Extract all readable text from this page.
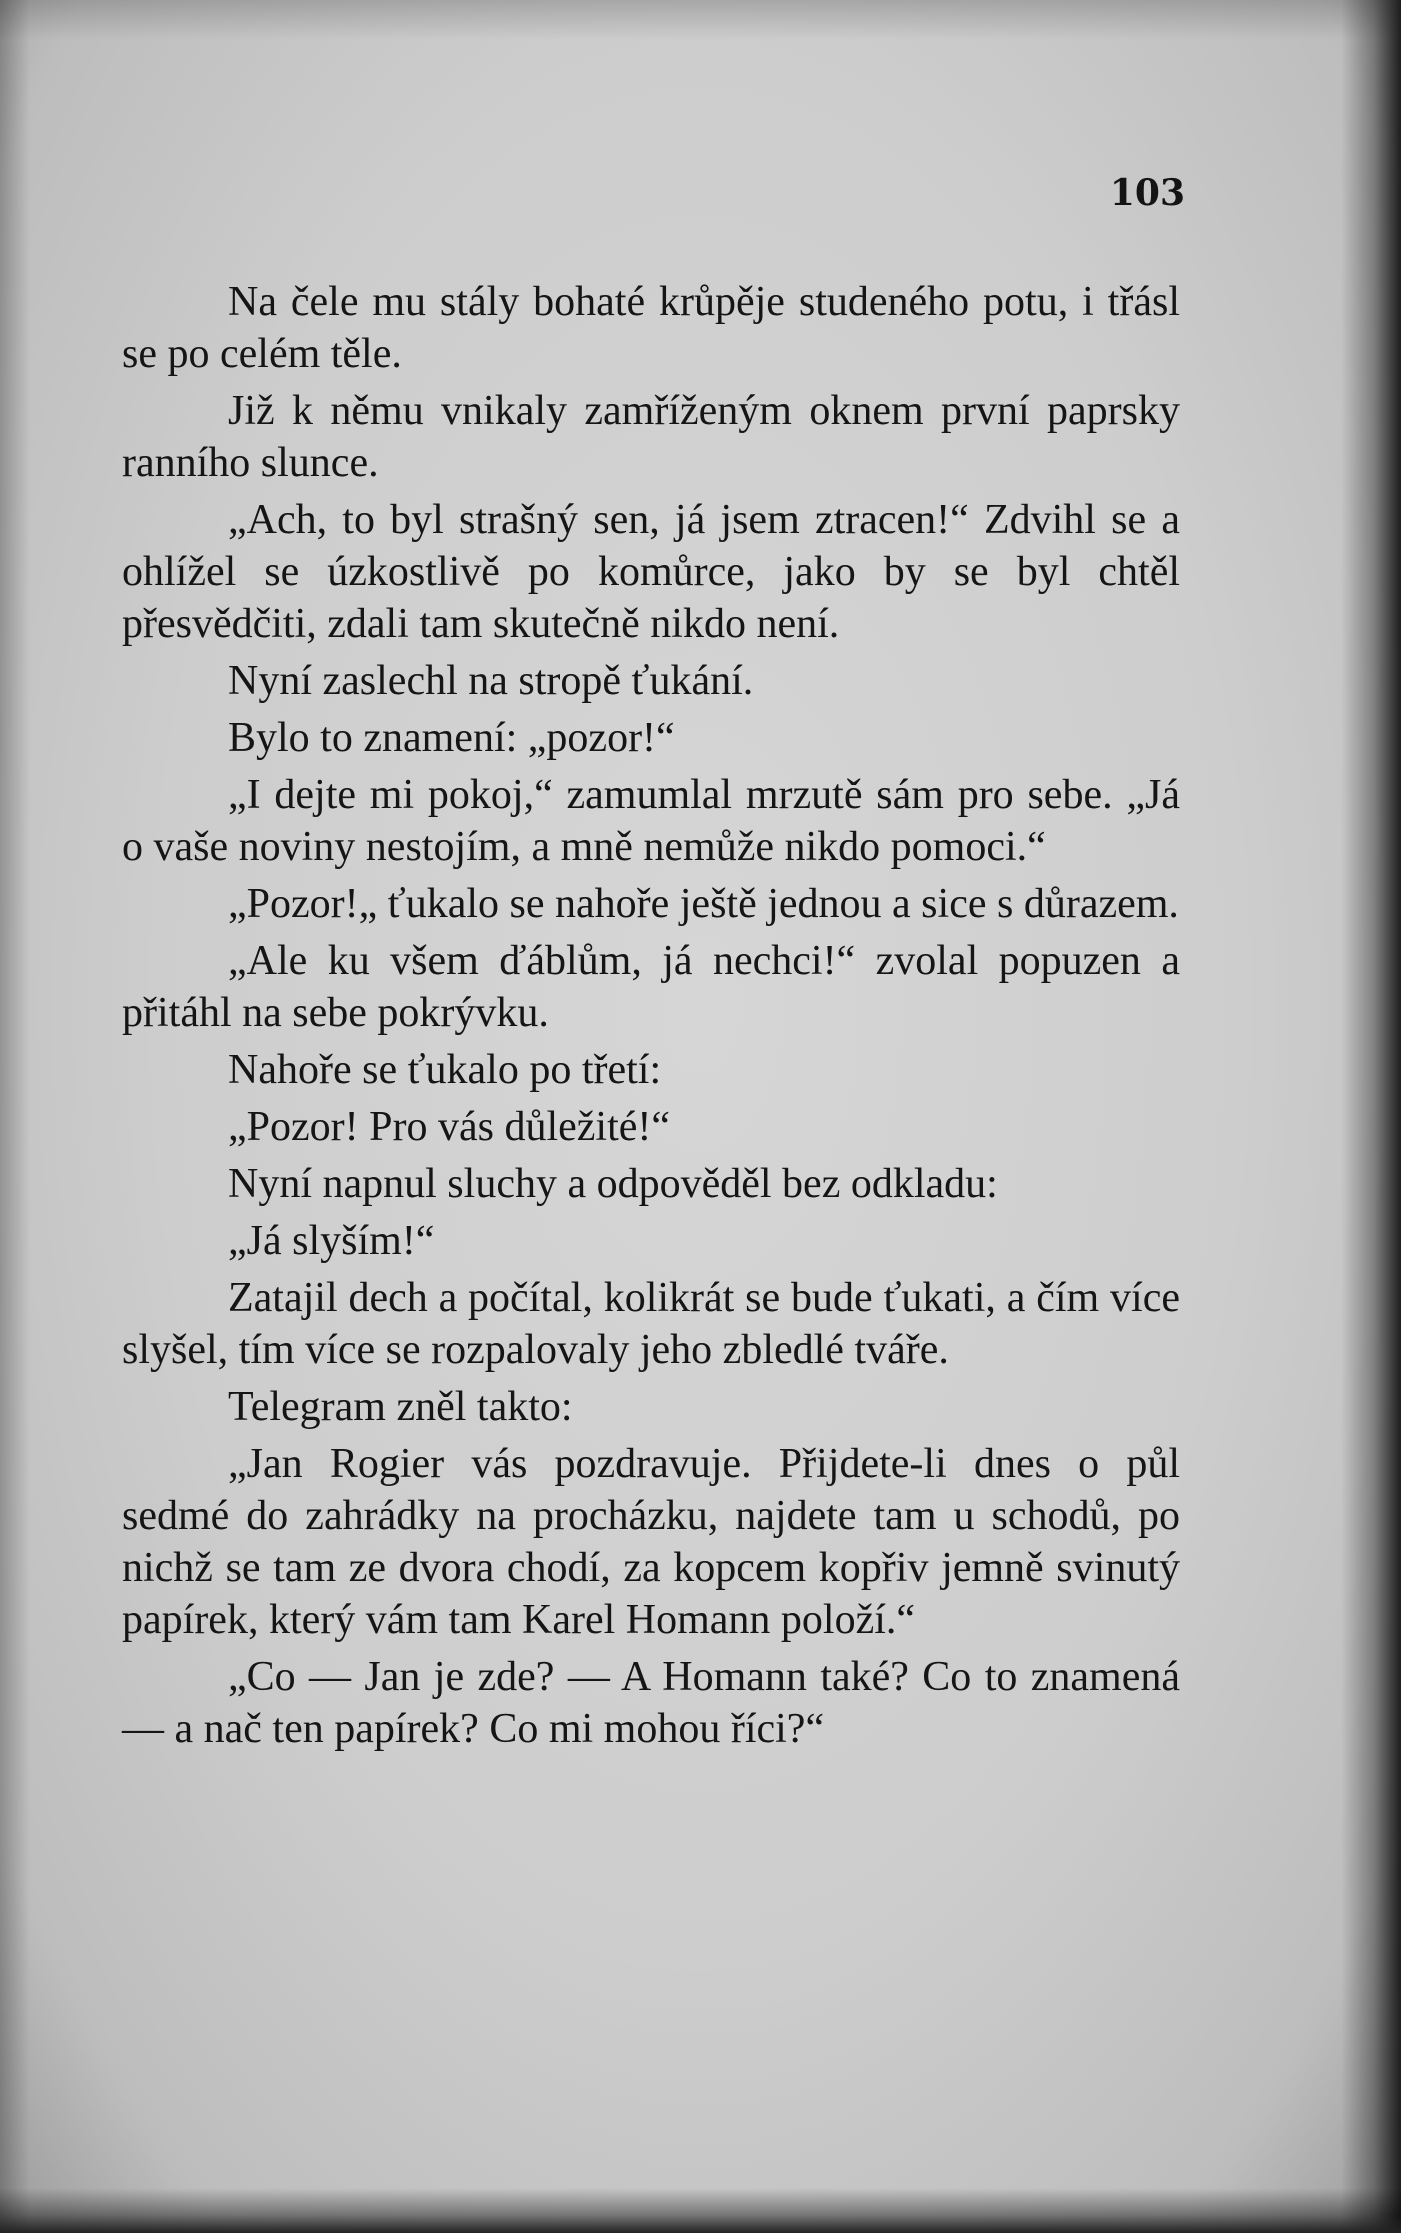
103

Na čele mu stály bohaté krůpěje studeného potu, i třásl se po celém těle.

Již k němu vnikaly zamříženým oknem první paprsky ranního slunce.

„Ach, to byl strašný sen, já jsem ztracen!“ Zdvihl se a ohlížel se úzkostlivě po komůrce, jako by se byl chtěl přesvědčiti, zdali tam skutečně nikdo není.

Nyní zaslechl na stropě ťukání.

Bylo to znamení: „pozor!“

„I dejte mi pokoj,“ zamumlal mrzutě sám pro sebe. „Já o vaše noviny nestojím, a mně nemůže nikdo pomoci.“

„Pozor!„ ťukalo se nahoře ještě jednou a sice s důrazem.

„Ale ku všem ďáblům, já nechci!“ zvolal popuzen a přitáhl na sebe pokrývku.

Nahoře se ťukalo po třetí:

„Pozor! Pro vás důležité!“

Nyní napnul sluchy a odpověděl bez odkladu:

„Já slyším!“

Zatajil dech a počítal, kolikrát se bude ťukati, a čím více slyšel, tím více se rozpalovaly jeho zbledlé tváře.

Telegram zněl takto:

„Jan Rogier vás pozdravuje. Přijdete-li dnes o půl sedmé do zahrádky na procházku, najdete tam u schodů, po nichž se tam ze dvora chodí, za kopcem kopřiv jemně svinutý papírek, který vám tam Karel Homann položí.“

„Co — Jan je zde? — A Homann také? Co to znamená — a nač ten papírek? Co mi mohou říci?“
